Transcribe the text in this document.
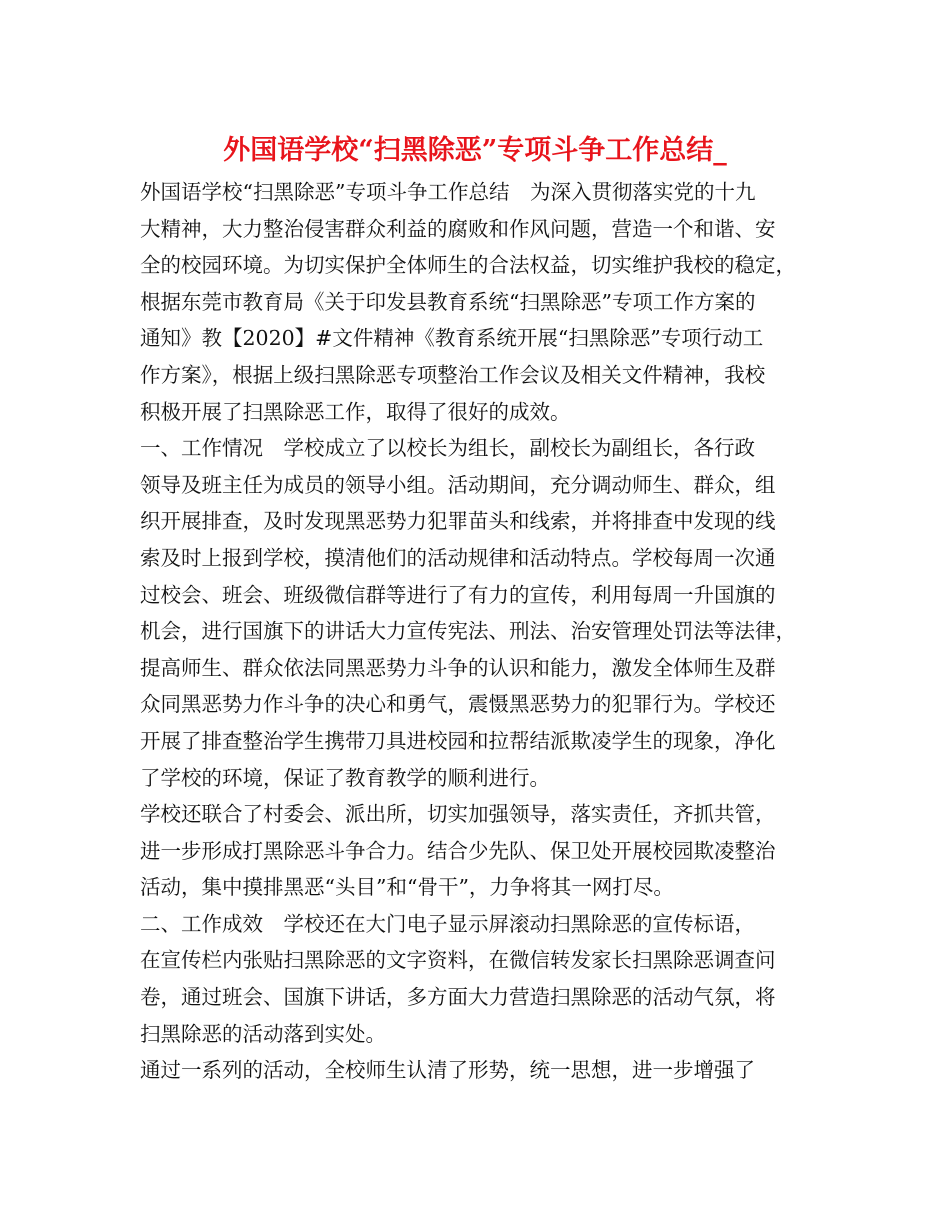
外国语学校“扫黑除恶”专项斗争工作总结_
外国语学校“扫黑除恶”专项斗争工作总结　为深入贯彻落实党的十九
大精神，大力整治侵害群众利益的腐败和作风问题，营造一个和谐、安
全的校园环境。为切实保护全体师生的合法权益，切实维护我校的稳定，
根据东莞市教育局《关于印发县教育系统“扫黑除恶”专项工作方案的
通知》教【2020】#文件精神《教育系统开展“扫黑除恶”专项行动工
作方案》，根据上级扫黑除恶专项整治工作会议及相关文件精神，我校
积极开展了扫黑除恶工作，取得了很好的成效。
一、工作情况　学校成立了以校长为组长，副校长为副组长，各行政
领导及班主任为成员的领导小组。活动期间，充分调动师生、群众，组
织开展排查，及时发现黑恶势力犯罪苗头和线索，并将排查中发现的线
索及时上报到学校，摸清他们的活动规律和活动特点。学校每周一次通
过校会、班会、班级微信群等进行了有力的宣传，利用每周一升国旗的
机会，进行国旗下的讲话大力宣传宪法、刑法、治安管理处罚法等法律，
提高师生、群众依法同黑恶势力斗争的认识和能力，激发全体师生及群
众同黑恶势力作斗争的决心和勇气，震慑黑恶势力的犯罪行为。学校还
开展了排查整治学生携带刀具进校园和拉帮结派欺凌学生的现象，净化
了学校的环境，保证了教育教学的顺利进行。
学校还联合了村委会、派出所，切实加强领导，落实责任，齐抓共管，
进一步形成打黑除恶斗争合力。结合少先队、保卫处开展校园欺凌整治
活动，集中摸排黑恶“头目”和“骨干”，力争将其一网打尽。
二、工作成效　学校还在大门电子显示屏滚动扫黑除恶的宣传标语，
在宣传栏内张贴扫黑除恶的文字资料，在微信转发家长扫黑除恶调查问
卷，通过班会、国旗下讲话，多方面大力营造扫黑除恶的活动气氛，将
扫黑除恶的活动落到实处。
通过一系列的活动，全校师生认清了形势，统一思想，进一步增强了
